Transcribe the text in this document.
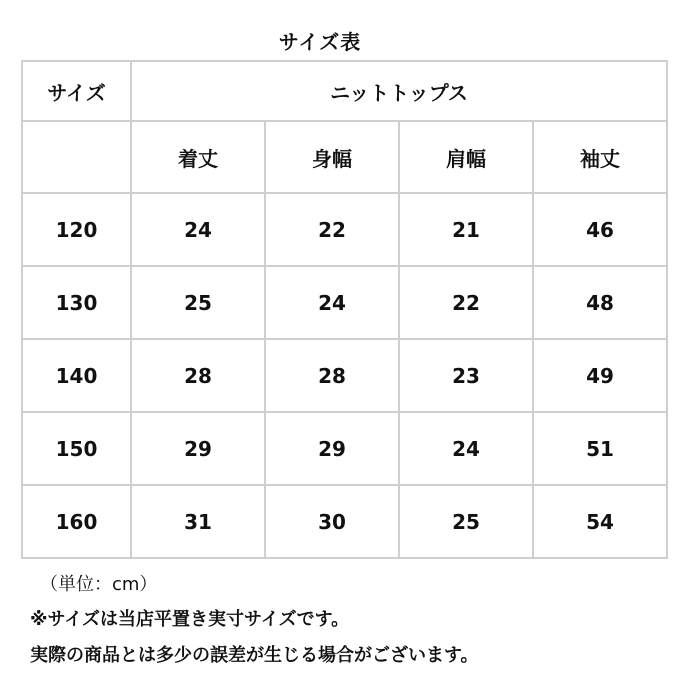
サイズ表
サイズ	ニットトップス			
	着丈	身幅	肩幅	袖丈
120	24	22	21	46
130	25	24	22	48
140	28	28	23	49
150	29	29	24	51
160	31	30	25	54
（単位：cm）
※サイズは当店平置き実寸サイズです。
実際の商品とは多少の誤差が生じる場合がございます。
